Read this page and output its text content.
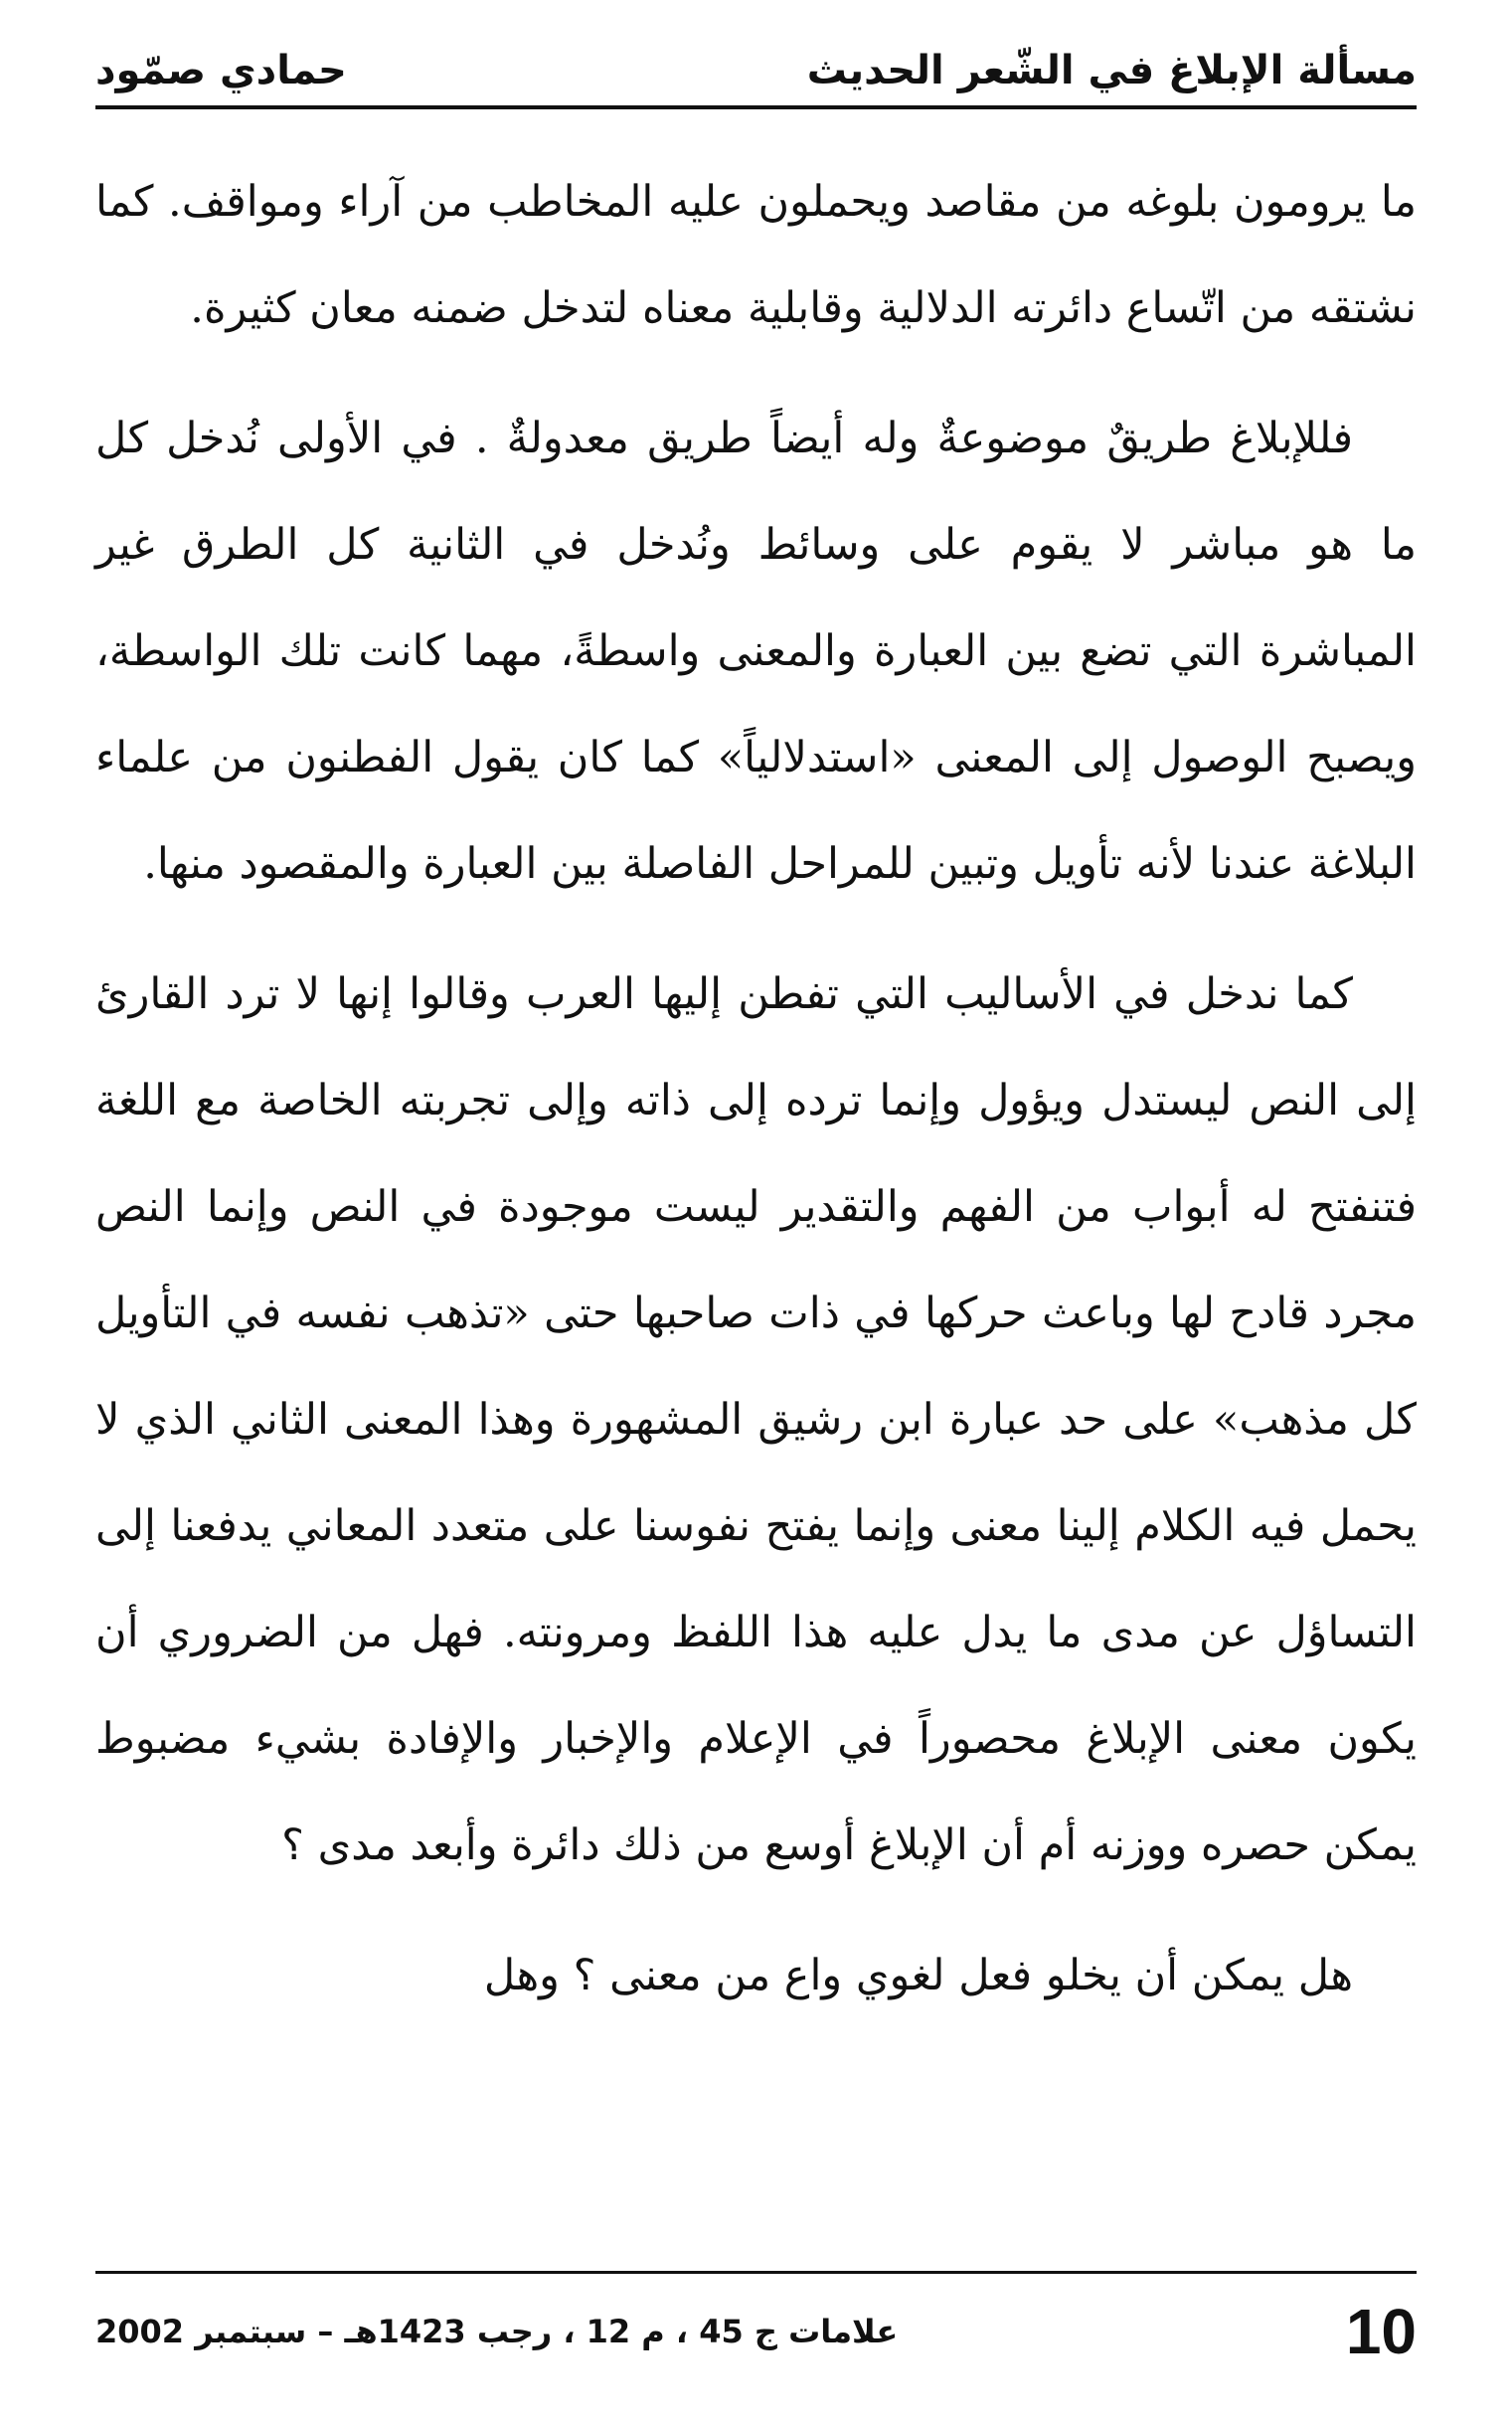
مسألة الإبلاغ في الشّعر الحديث
حمادي صمّود

ما يرومون بلوغه من مقاصد ويحملون عليه المخاطب من آراء ومواقف. كما نشتقه من اتّساع دائرته الدلالية وقابلية معناه لتدخل ضمنه معان كثيرة.

فللإبلاغ طريقٌ موضوعةٌ وله أيضاً طريق معدولةٌ . في الأولى نُدخل كل ما هو مباشر لا يقوم على وسائط ونُدخل في الثانية كل الطرق غير المباشرة التي تضع بين العبارة والمعنى واسطةً، مهما كانت تلك الواسطة، ويصبح الوصول إلى المعنى «استدلالياً» كما كان يقول الفطنون من علماء البلاغة عندنا لأنه تأويل وتبين للمراحل الفاصلة بين العبارة والمقصود منها.

كما ندخل في الأساليب التي تفطن إليها العرب وقالوا إنها لا ترد القارئ إلى النص ليستدل ويؤول وإنما ترده إلى ذاته وإلى تجربته الخاصة مع اللغة فتنفتح له أبواب من الفهم والتقدير ليست موجودة في النص وإنما النص مجرد قادح لها وباعث حركها في ذات صاحبها حتى «تذهب نفسه في التأويل كل مذهب» على حد عبارة ابن رشيق المشهورة وهذا المعنى الثاني الذي لا يحمل فيه الكلام إلينا معنى وإنما يفتح نفوسنا على متعدد المعاني يدفعنا إلى التساؤل عن مدى ما يدل عليه هذا اللفظ ومرونته. فهل من الضروري أن يكون معنى الإبلاغ محصوراً في الإعلام والإخبار والإفادة بشيء مضبوط يمكن حصره ووزنه أم أن الإبلاغ أوسع من ذلك دائرة وأبعد مدى ؟

هل يمكن أن يخلو فعل لغوي واع من معنى ؟ وهل

10
علامات ج 45 ، م 12 ، رجب 1423هـ – سبتمبر 2002
